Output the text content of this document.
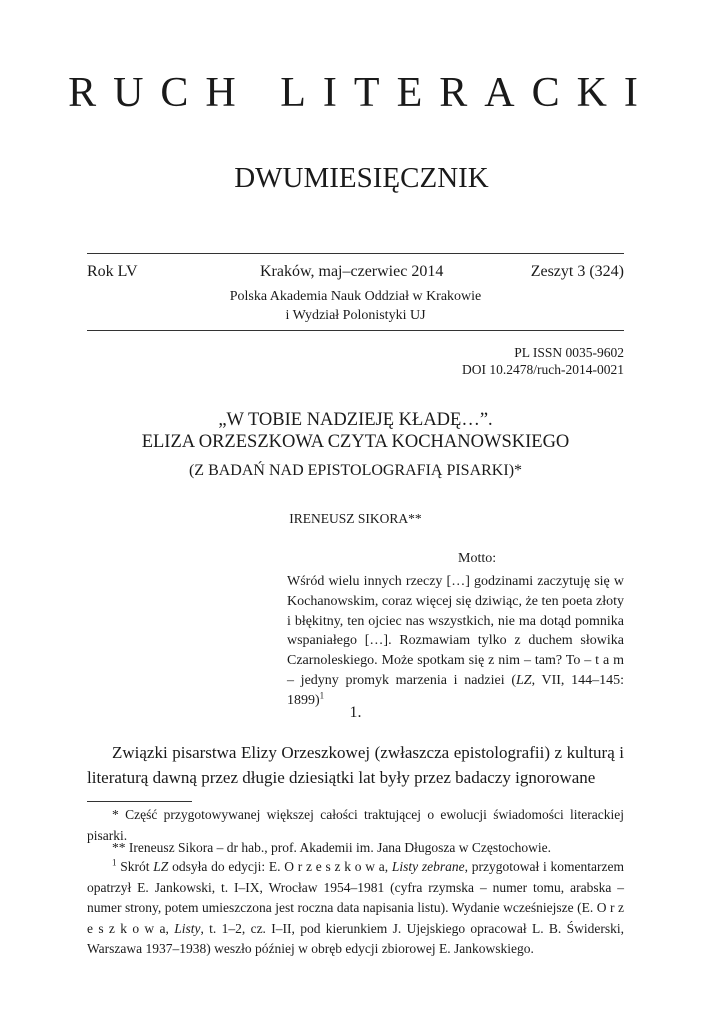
RUCH LITERACKI
DWUMIESIĘCZNIK
Rok LV	Kraków, maj–czerwiec 2014	Zeszyt 3 (324)
Polska Akademia Nauk Oddział w Krakowie
i Wydział Polonistyki UJ
PL ISSN 0035-9602
DOI 10.2478/ruch-2014-0021
„W TOBIE NADZIEJĘ KŁADĘ…”.
ELIZA ORZESZKOWA CZYTA KOCHANOWSKIEGO
(Z BADAŃ NAD EPISTOLOGRAFIĄ PISARKI)*
IRENEUSZ SIKORA**
Motto:

Wśród wielu innych rzeczy […] godzinami zaczytuję się w Kochanowskim, coraz więcej się dziwiąc, że ten poeta złoty i błękitny, ten ojciec nas wszystkich, nie ma dotąd pomnika wspaniałego […]. Rozmawiam tylko z duchem słowika Czarnoleskiego. Może spotkam się z nim – tam? To – t a m – jedyny promyk marzenia i nadziei (LZ, VII, 144–145: 1899)$^1$

1.

Związki pisarstwa Elizy Orzeszkowej (zwłaszcza epistolografii) z kulturą i literaturą dawną przez długie dziesiątki lat były przez badaczy ignorowane

* Część przygotowywanej większej całości traktującej o ewolucji świadomości literackiej pisarki.

** Ireneusz Sikora – dr hab., prof. Akademii im. Jana Długosza w Częstochowie.

$^1$ Skrót LZ odsyła do edycji: E. O r z e s z k o w a, Listy zebrane, przygotował i komentarzem opatrzył E. Jankowski, t. I–IX, Wrocław 1954–1981 (cyfra rzymska – numer tomu, arabska – numer strony, potem umieszczona jest roczna data napisania listu). Wydanie wcześniejsze (E. O r z e s z k o w a, Listy, t. 1–2, cz. I–II, pod kierunkiem J. Ujejskiego opracował L. B. Świderski, Warszawa 1937–1938) weszło później w obręb edycji zbiorowej E. Jankowskiego.
